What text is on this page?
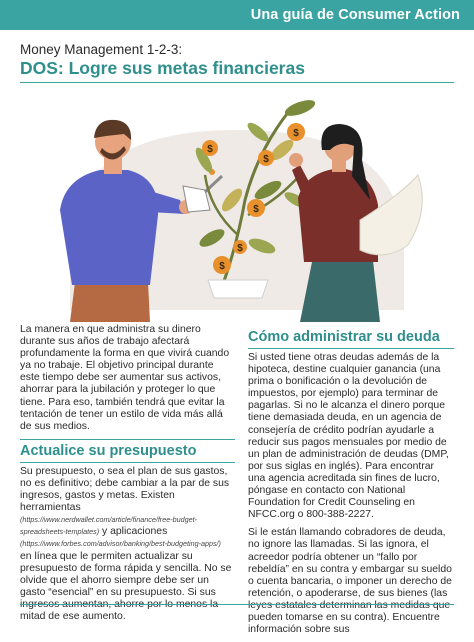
Una guía de Consumer Action
Money Management 1-2-3:
DOS: Logre sus metas financieras
$
$
$
$
$
$

La manera en que administra su dinero durante sus años de trabajo afectará profundamente la forma en que vivirá cuando ya no trabaje. El objetivo principal durante este tiempo debe ser aumentar sus activos, ahorrar para la jubilación y proteger lo que tiene. Para eso, también tendrá que evitar la tentación de tener un estilo de vida más allá de sus medios.

Actualice su presupuesto

Su presupuesto, o sea el plan de sus gastos, no es definitivo; debe cambiar a la par de sus ingresos, gastos y metas. Existen herramientas (https://www.nerdwallet.com/article/finance/free-budget-spreadsheets-templates) y aplicaciones (https://www.forbes.com/advisor/banking/best-budgeting-apps/) en línea que le permiten actualizar su presupuesto de forma rápida y sencilla. No se olvide que el ahorro siempre debe ser un gasto “esencial” en su presupuesto. Si sus ingresos aumentan, ahorre por lo menos la mitad de ese aumento.

Cómo administrar su deuda

Si usted tiene otras deudas además de la hipoteca, destine cualquier ganancia (una prima o bonificación o la devolución de impuestos, por ejemplo) para terminar de pagarlas. Si no le alcanza el dinero porque tiene demasiada deuda, en un agencia de consejería de crédito podrían ayudarle a reducir sus pagos mensuales por medio de un plan de administración de deudas (DMP, por sus siglas en inglés). Para encontrar una agencia acreditada sin fines de lucro, póngase en contacto con National Foundation for Credit Counseling en NFCC.org o 800-388-2227.

Si le están llamando cobradores de deuda, no ignore las llamadas. Si las ignora, el acreedor podría obtener un “fallo por rebeldía” en su contra y embargar su sueldo o cuenta bancaria, o imponer un derecho de retención, o apoderarse, de sus bienes (las leyes estatales determinan las medidas que pueden tomarse en su contra). Encuentre información sobre sus
